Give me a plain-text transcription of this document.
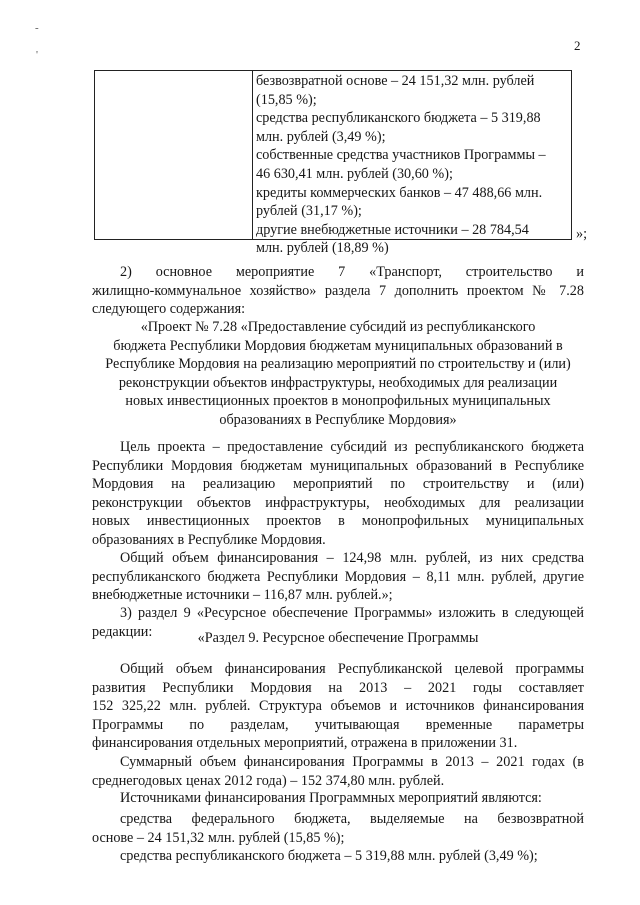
2
-
'
безвозвратной основе – 24 151,32 млн. рублей
(15,85 %);
средства республиканского бюджета – 5 319,88
млн. рублей (3,49 %);
собственные средства участников Программы –
46 630,41 млн. рублей (30,60 %);
кредиты коммерческих банков – 47 488,66 млн.
рублей (31,17 %);
другие внебюджетные источники – 28 784,54
млн. рублей (18,89 %)
»;
2) основное мероприятие 7 «Транспорт, строительство и
жилищно-коммунальное хозяйство» раздела 7 дополнить проектом № 7.28
следующего содержания:
«Проект № 7.28 «Предоставление субсидий из республиканского
бюджета Республики Мордовия бюджетам муниципальных образований в
Республике Мордовия на реализацию мероприятий по строительству и (или)
реконструкции объектов инфраструктуры, необходимых для реализации
новых инвестиционных проектов в монопрофильных муниципальных
образованиях в Республике Мордовия»
Цель проекта – предоставление субсидий из республиканского бюджета
Республики Мордовия бюджетам муниципальных образований в Республике
Мордовия на реализацию мероприятий по строительству и (или)
реконструкции объектов инфраструктуры, необходимых для реализации
новых инвестиционных проектов в монопрофильных муниципальных
образованиях в Республике Мордовия.
Общий объем финансирования – 124,98 млн. рублей, из них средства
республиканского бюджета Республики Мордовия – 8,11 млн. рублей, другие
внебюджетные источники – 116,87 млн. рублей.»;
3) раздел 9 «Ресурсное обеспечение Программы» изложить в следующей
редакции:	«Раздел 9. Ресурсное обеспечение Программы
Общий объем финансирования Республиканской целевой программы
развития Республики Мордовия на 2013 – 2021 годы составляет
152 325,22 млн. рублей. Структура объемов и источников финансирования
Программы по разделам, учитывающая временные параметры
финансирования отдельных мероприятий, отражена в приложении 31.
Суммарный объем финансирования Программы в 2013 – 2021 годах (в
среднегодовых ценах 2012 года) – 152 374,80 млн. рублей.
Источниками финансирования Программных мероприятий являются:
средства федерального бюджета, выделяемые на безвозвратной
основе – 24 151,32 млн. рублей (15,85 %);
средства республиканского бюджета – 5 319,88 млн. рублей (3,49 %);
